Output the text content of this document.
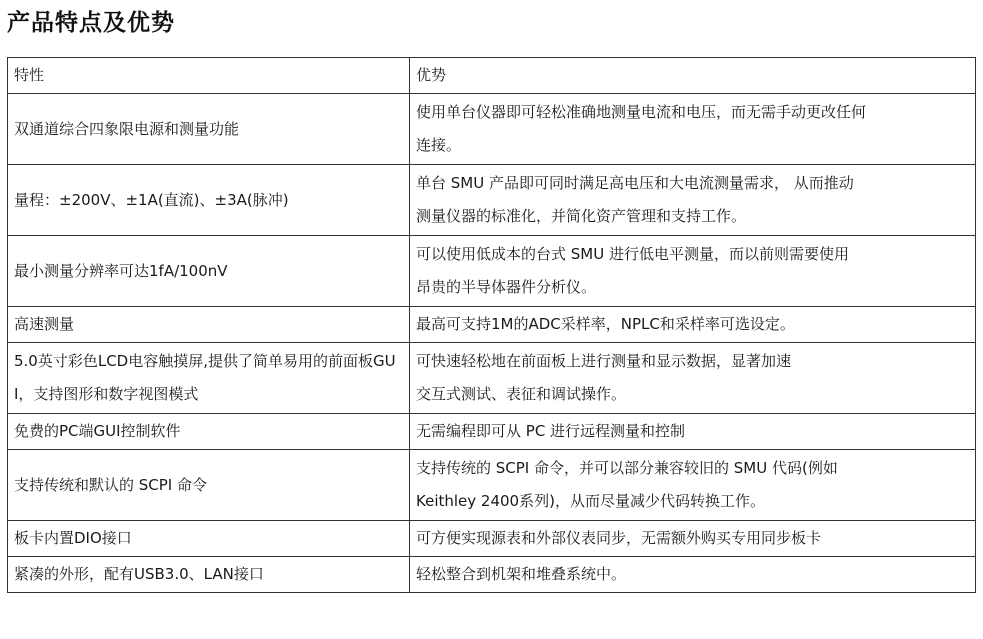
产品特点及优势
特性	优势
双通道综合四象限电源和测量功能	使用单台仪器即可轻松准确地测量电流和电压，而无需手动更改任何
连接。
量程：±200V、±1A(直流)、±3A(脉冲)	单台 SMU 产品即可同时满足高电压和大电流测量需求， 从而推动
测量仪器的标准化，并简化资产管理和支持工作。
最小测量分辨率可达1fA/100nV	可以使用低成本的台式 SMU 进行低电平测量，而以前则需要使用
昂贵的半导体器件分析仪。
高速测量	最高可支持1M的ADC采样率，NPLC和采样率可选设定。
5.0英寸彩色LCD电容触摸屏,提供了简单易用的前面板GUI，支持图形和数字视图模式	可快速轻松地在前面板上进行测量和显示数据，显著加速
交互式测试、表征和调试操作。
免费的PC端GUI控制软件	无需编程即可从 PC 进行远程测量和控制
支持传统和默认的 SCPI 命令	支持传统的 SCPI 命令，并可以部分兼容较旧的 SMU 代码(例如
Keithley 2400系列)，从而尽量减少代码转换工作。
板卡内置DIO接口	可方便实现源表和外部仪表同步，无需额外购买专用同步板卡
紧凑的外形，配有USB3.0、LAN接口	轻松整合到机架和堆叠系统中。
